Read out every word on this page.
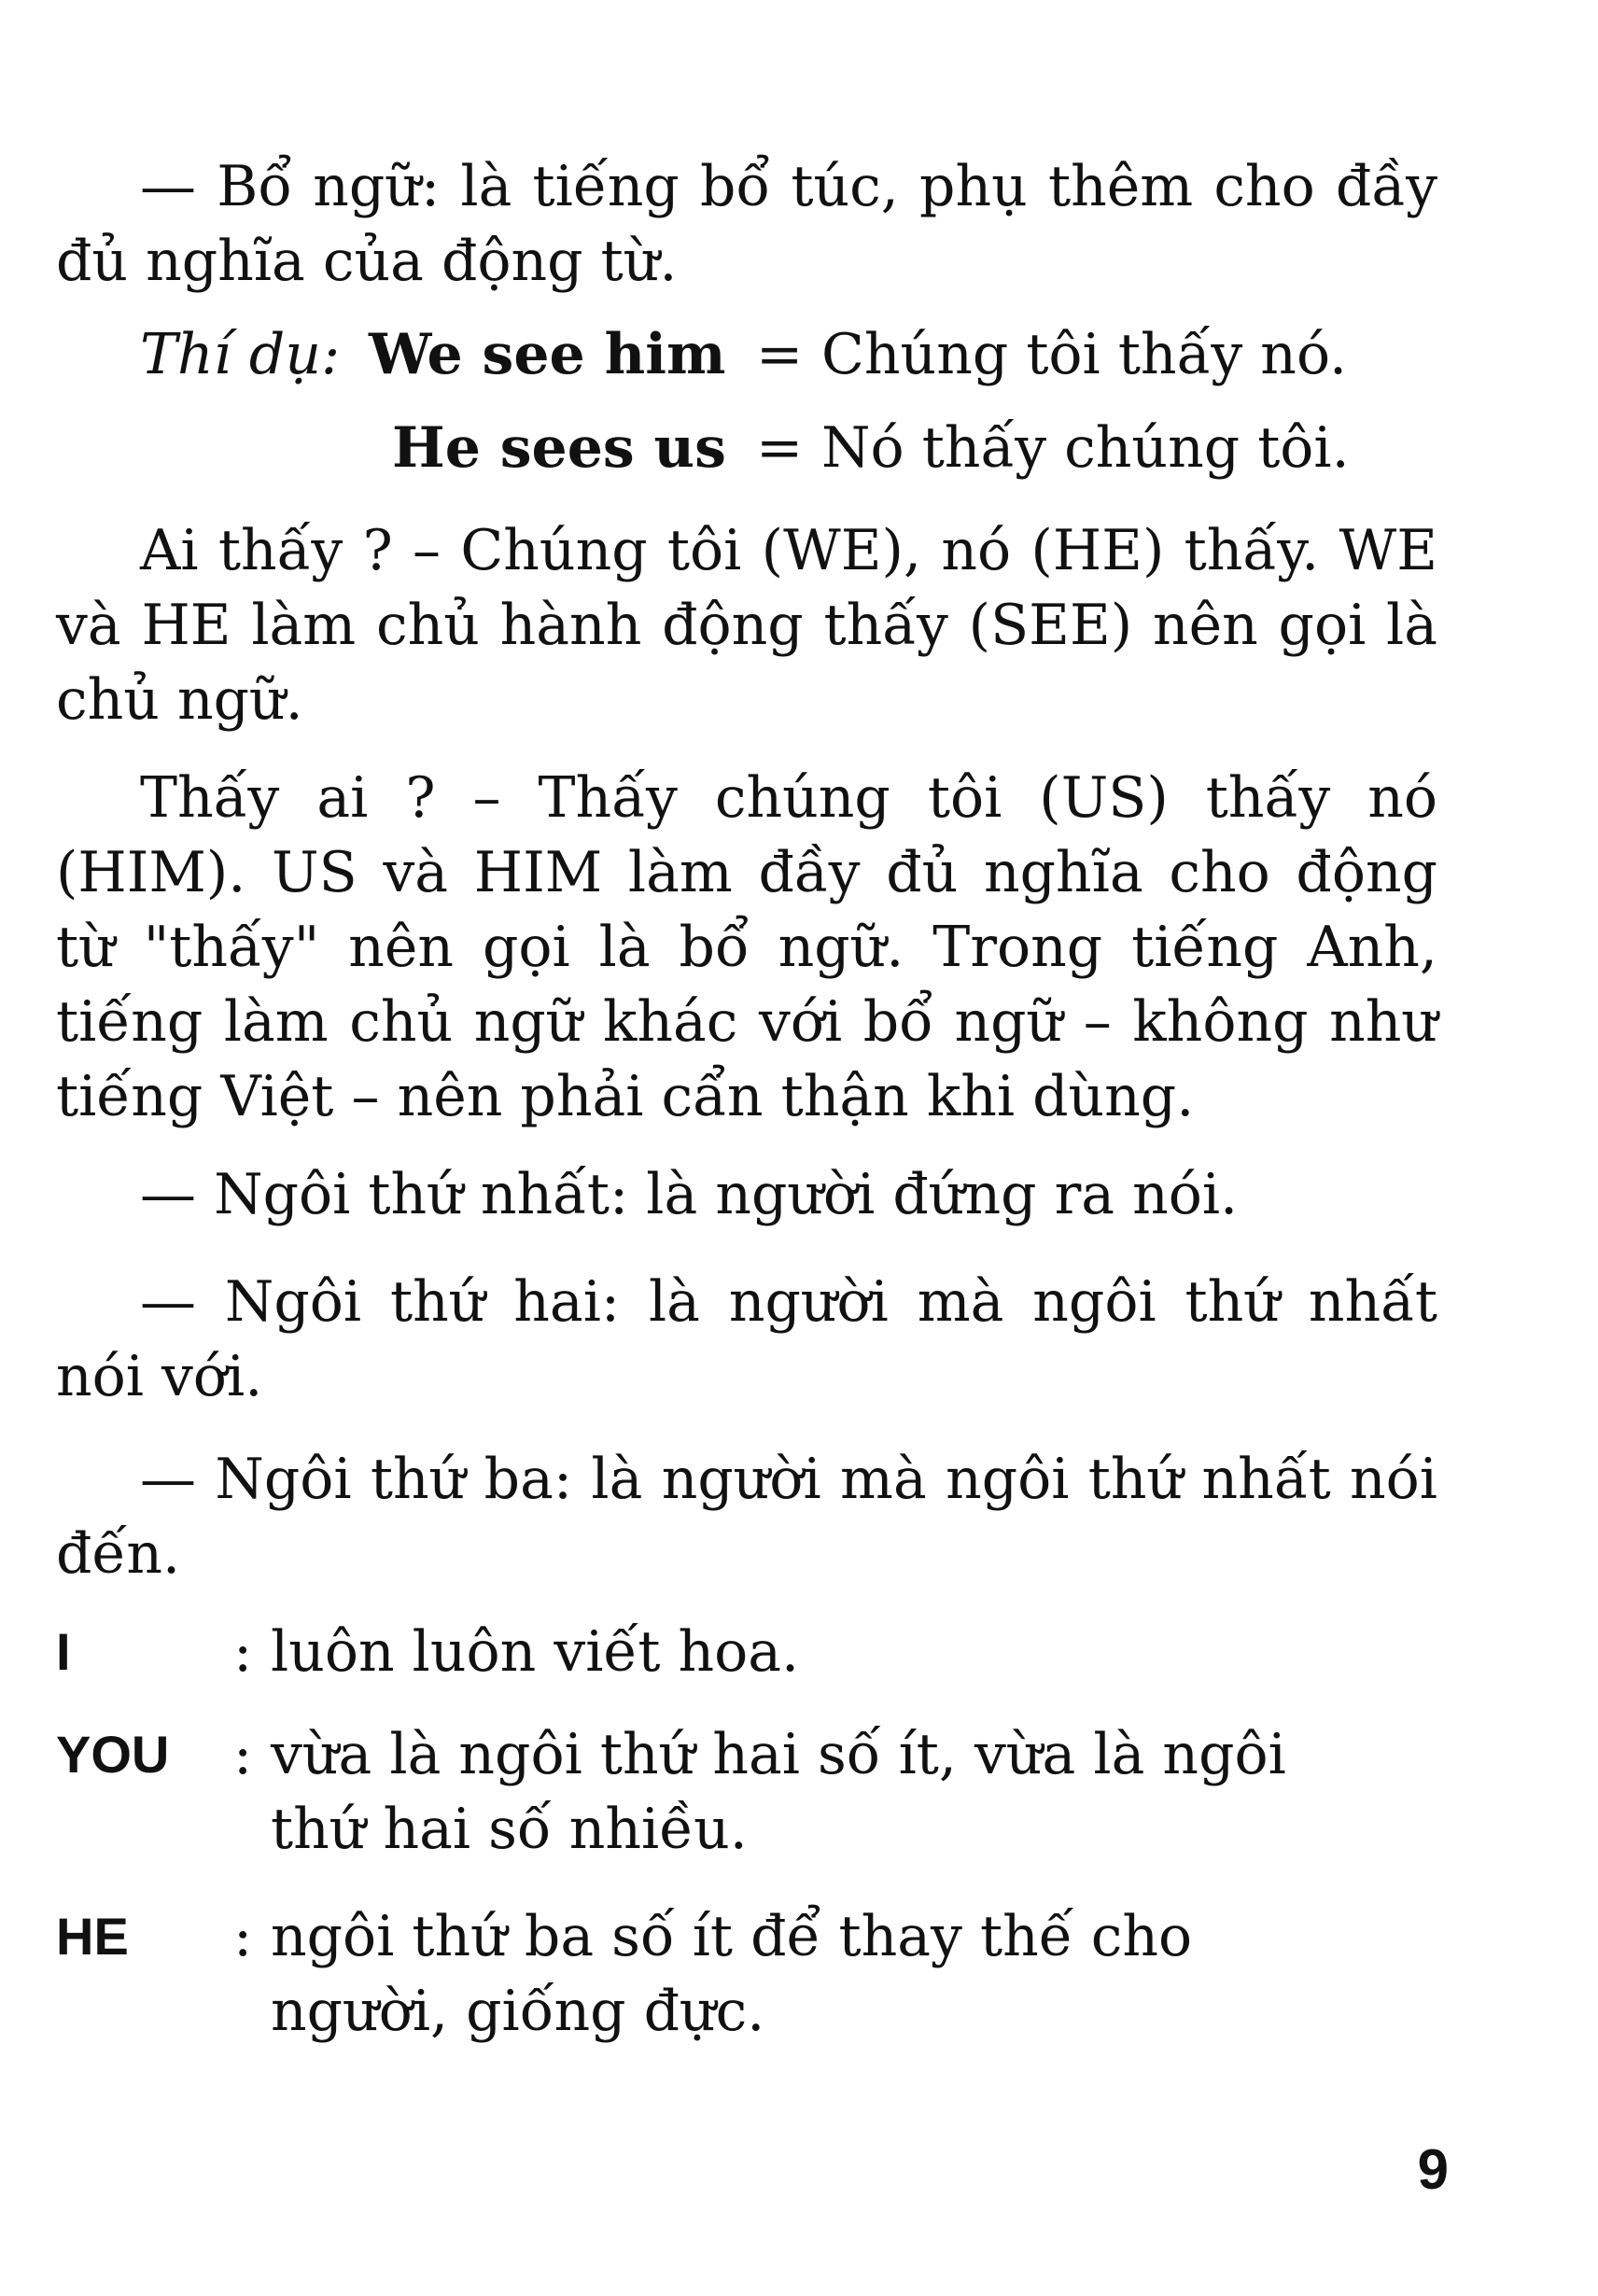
— Bổ ngữ: là tiếng bổ túc, phụ thêm cho đầy đủ nghĩa của động từ.

Thí dụ: We see him = Chúng tôi thấy nó.
He sees us = Nó thấy chúng tôi.

Ai thấy ? – Chúng tôi (WE), nó (HE) thấy. WE và HE làm chủ hành động thấy (SEE) nên gọi là chủ ngữ.

Thấy ai ? – Thấy chúng tôi (US) thấy nó (HIM). US và HIM làm đầy đủ nghĩa cho động từ "thấy" nên gọi là bổ ngữ. Trong tiếng Anh, tiếng làm chủ ngữ khác với bổ ngữ – không như tiếng Việt – nên phải cẩn thận khi dùng.

— Ngôi thứ nhất: là người đứng ra nói.

— Ngôi thứ hai: là người mà ngôi thứ nhất nói với.

— Ngôi thứ ba: là người mà ngôi thứ nhất nói đến.

I	: luôn luôn viết hoa.
YOU : vừa là ngôi thứ hai số ít, vừa là ngôi thứ hai số nhiều.
HE : ngôi thứ ba số ít để thay thế cho người, giống đực.
9
